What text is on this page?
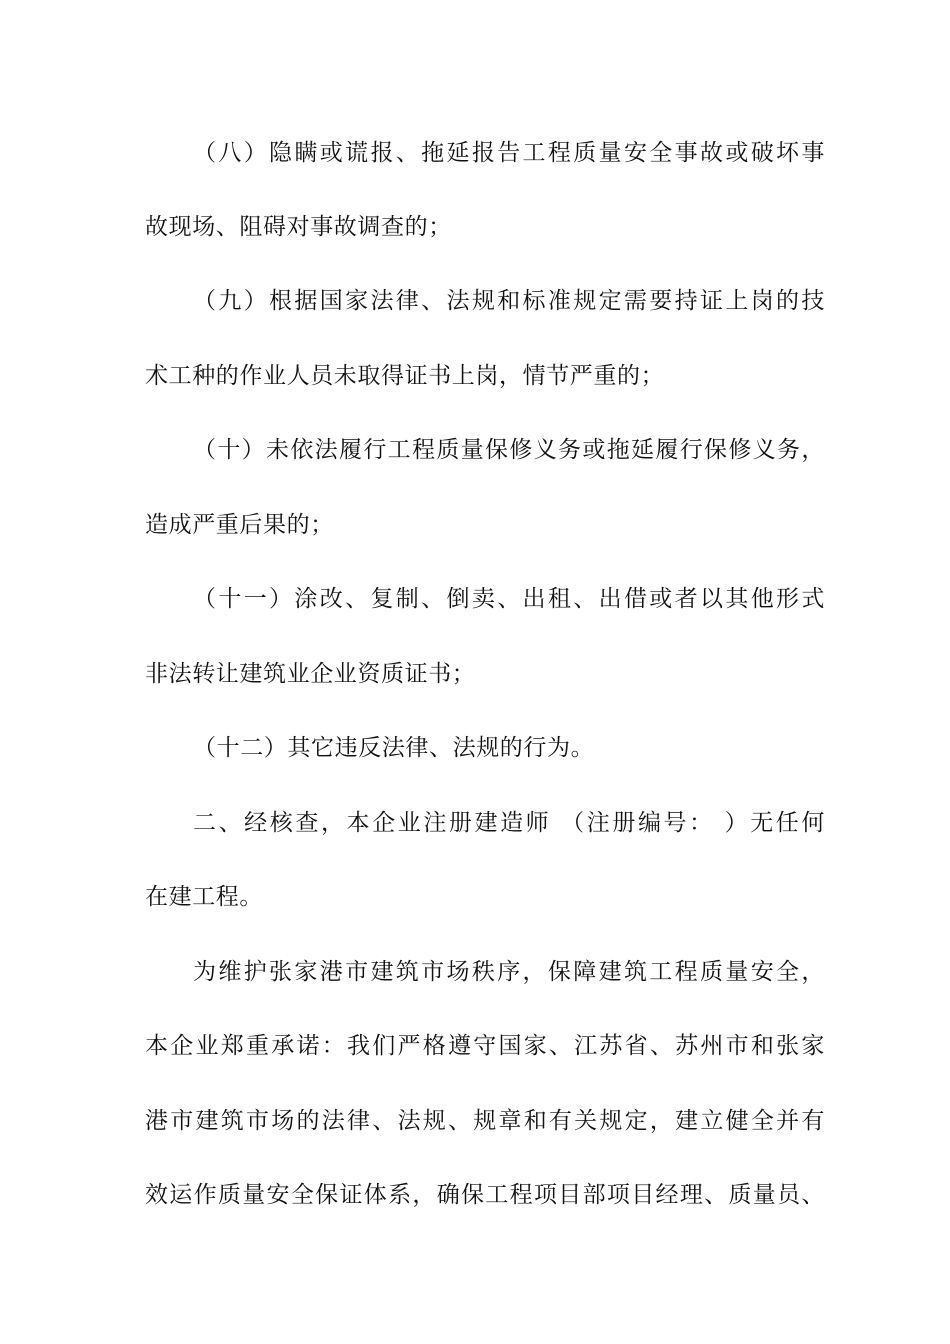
（八）隐瞒或谎报、拖延报告工程质量安全事故或破坏事
故现场、阻碍对事故调查的；
（九）根据国家法律、法规和标准规定需要持证上岗的技
术工种的作业人员未取得证书上岗，情节严重的；
（十）未依法履行工程质量保修义务或拖延履行保修义务，
造成严重后果的；
（十一）涂改、复制、倒卖、出租、出借或者以其他形式
非法转让建筑业企业资质证书；
（十二）其它违反法律、法规的行为。
二、经核查，本企业注册建造师 （注册编号： ）无任何
在建工程。
为维护张家港市建筑市场秩序，保障建筑工程质量安全，
本企业郑重承诺：我们严格遵守国家、江苏省、苏州市和张家
港市建筑市场的法律、法规、规章和有关规定，建立健全并有
效运作质量安全保证体系，确保工程项目部项目经理、质量员、
